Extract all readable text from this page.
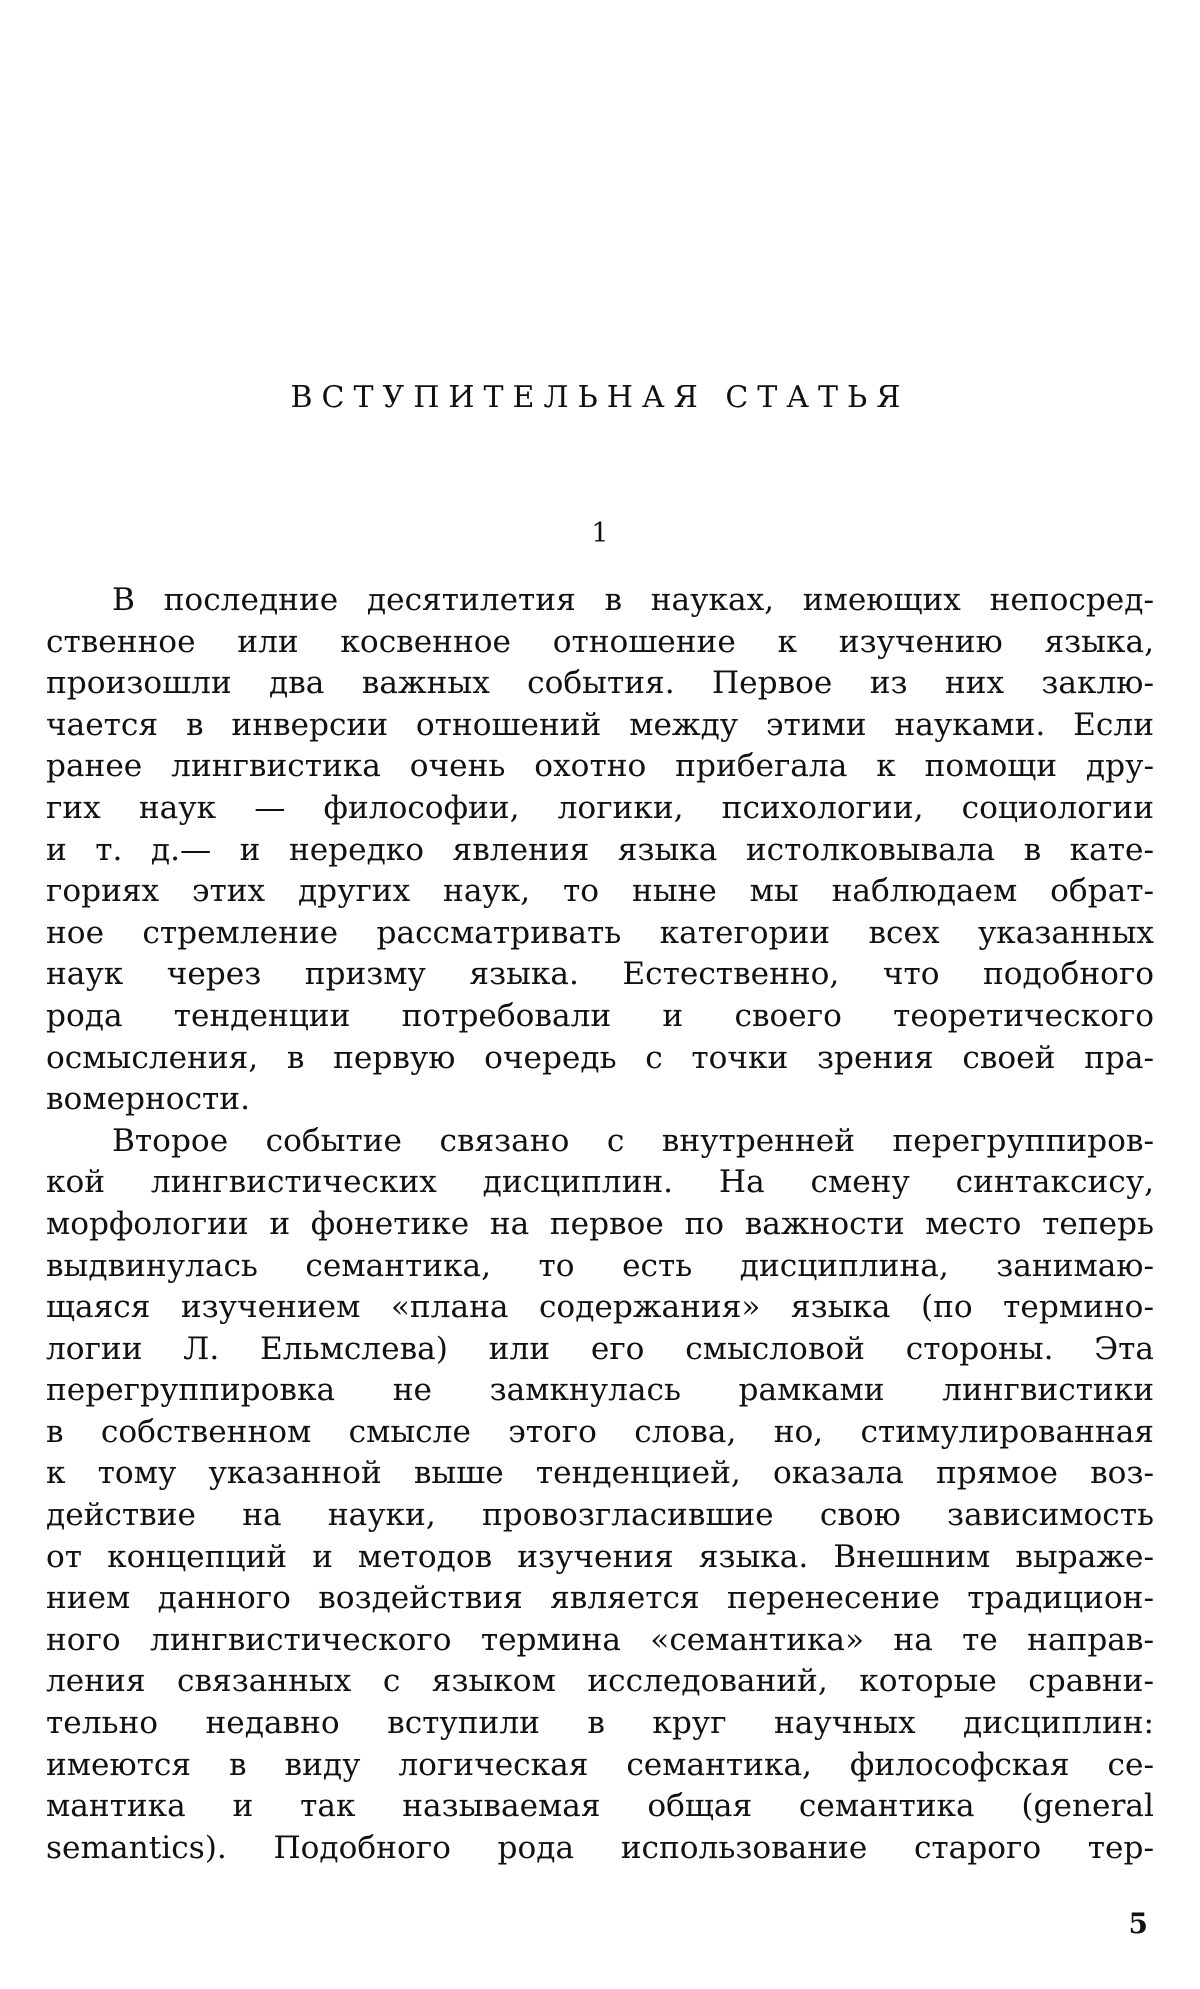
ВСТУПИТЕЛЬНАЯ СТАТЬЯ
1
В последние десятилетия в науках, имеющих непосред-
ственное или косвенное отношение к изучению языка,
произошли два важных события. Первое из них заклю-
чается в инверсии отношений между этими науками. Если
ранее лингвистика очень охотно прибегала к помощи дру-
гих наук — философии, логики, психологии, социологии
и т. д.— и нередко явления языка истолковывала в кате-
гориях этих других наук, то ныне мы наблюдаем обрат-
ное стремление рассматривать категории всех указанных
наук через призму языка. Естественно, что подобного
рода тенденции потребовали и своего теоретического
осмысления, в первую очередь с точки зрения своей пра-
вомерности.
Второе событие связано с внутренней перегруппиров-
кой лингвистических дисциплин. На смену синтаксису,
морфологии и фонетике на первое по важности место теперь
выдвинулась семантика, то есть дисциплина, занимаю-
щаяся изучением «плана содержания» языка (по термино-
логии Л. Ельмслева) или его смысловой стороны. Эта
перегруппировка не замкнулась рамками лингвистики
в собственном смысле этого слова, но, стимулированная
к тому указанной выше тенденцией, оказала прямое воз-
действие на науки, провозгласившие свою зависимость
от концепций и методов изучения языка. Внешним выраже-
нием данного воздействия является перенесение традицион-
ного лингвистического термина «семантика» на те направ-
ления связанных с языком исследований, которые сравни-
тельно недавно вступили в круг научных дисциплин:
имеются в виду логическая семантика, философская се-
мантика и так называемая общая семантика (general
semantics). Подобного рода использование старого тер-
5
